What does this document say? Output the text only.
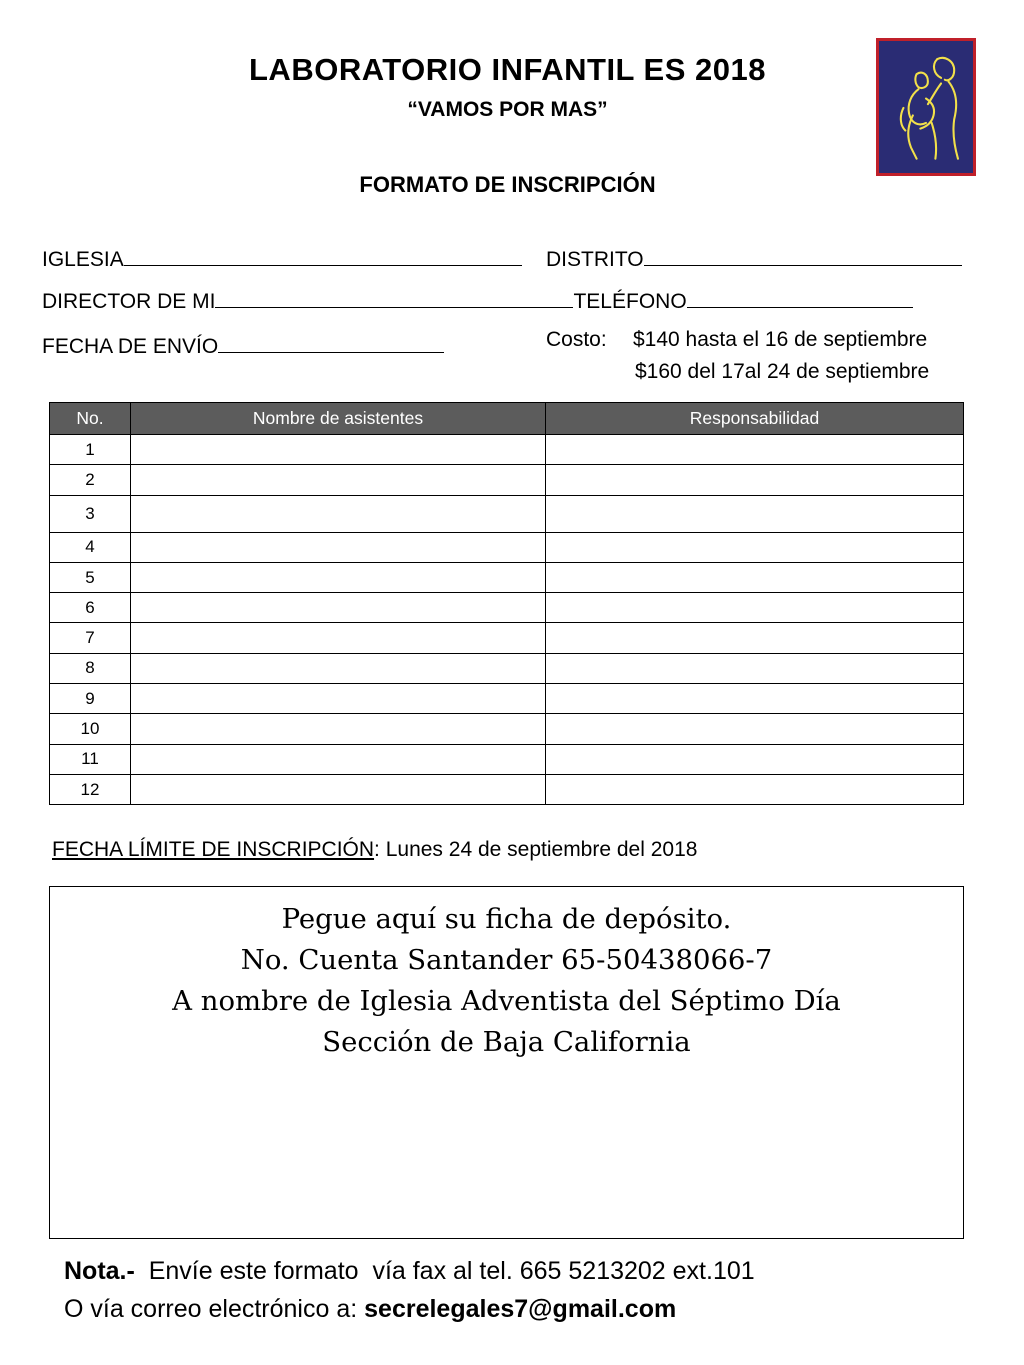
LABORATORIO INFANTIL ES 2018
“VAMOS POR MAS”
FORMATO DE INSCRIPCIÓN
IGLESIA	DISTRITO
DIRECTOR DE MI	TELÉFONO
FECHA DE ENVÍO	Costo: $140 hasta el 16 de septiembre
$160 del 17al 24 de septiembre
No.	Nombre de asistentes	Responsabilidad
1		
2		
3		
4		
5		
6		
7		
8		
9		
10		
11		
12		
FECHA LÍMITE DE INSCRIPCIÓN: Lunes 24 de septiembre del 2018
Pegue aquí su ficha de depósito.
No. Cuenta Santander 65-50438066-7
A nombre de Iglesia Adventista del Séptimo Día
Sección de Baja California
Nota.-  Envíe este formato  vía fax al tel. 665 5213202 ext.101
O vía correo electrónico a: secrelegales7@gmail.com
